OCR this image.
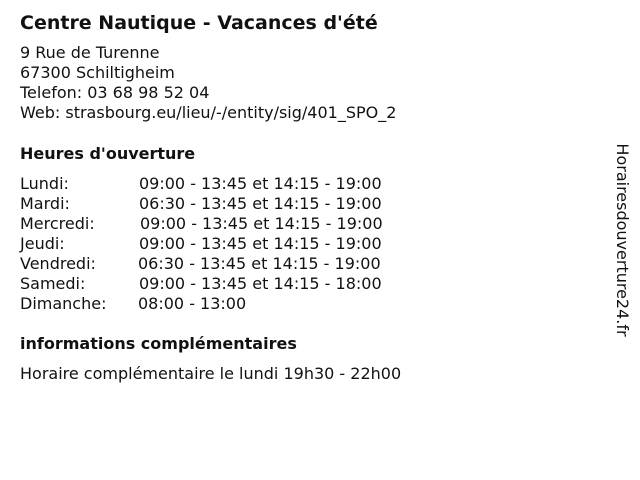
Centre Nautique - Vacances d'été
9 Rue de Turenne
67300 Schiltigheim
Telefon: 03 68 98 52 04
Web: strasbourg.eu/lieu/-/entity/sig/401_SPO_2
Heures d'ouverture
Lundi:	09:00 - 13:45 et 14:15 - 19:00
Mardi:	06:30 - 13:45 et 14:15 - 19:00
Mercredi:	09:00 - 13:45 et 14:15 - 19:00
Jeudi:	09:00 - 13:45 et 14:15 - 19:00
Vendredi:	06:30 - 13:45 et 14:15 - 19:00
Samedi:	09:00 - 13:45 et 14:15 - 18:00
Dimanche: 08:00 - 13:00
informations complémentaires
Horaire complémentaire le lundi 19h30 - 22h00
Horairesdouverture24.fr
